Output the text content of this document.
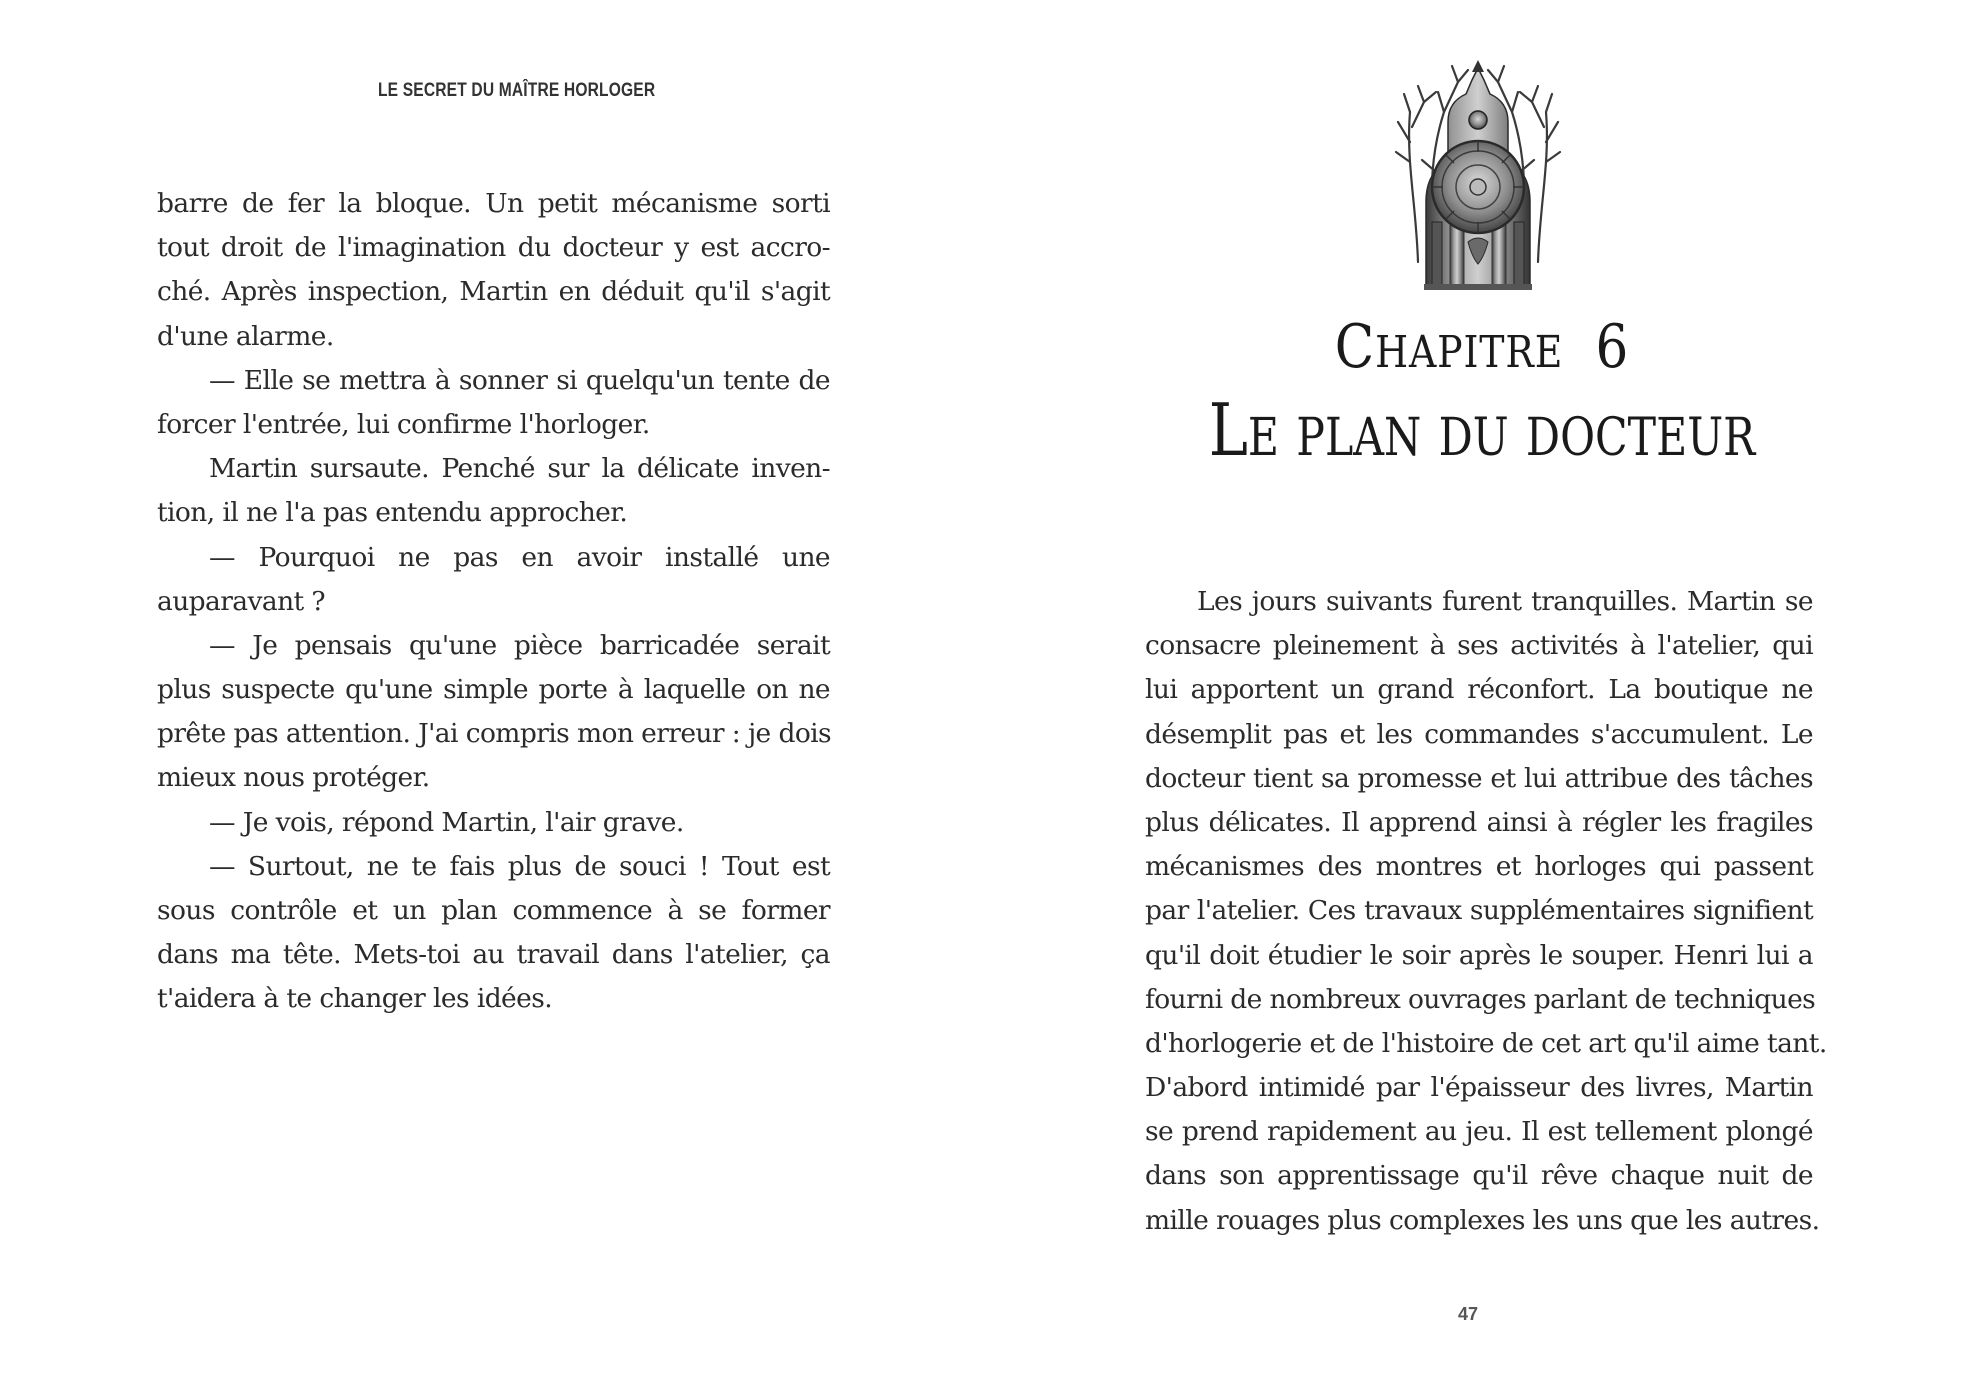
LE SECRET DU MAÎTRE HORLOGER
barre de fer la bloque. Un petit mécanisme sorti
tout droit de l'imagination du docteur y est accro-
ché. Après inspection, Martin en déduit qu'il s'agit
d'une alarme.
— Elle se mettra à sonner si quelqu'un tente de
forcer l'entrée, lui confirme l'horloger.
Martin sursaute. Penché sur la délicate inven-
tion, il ne l'a pas entendu approcher.
— Pourquoi ne pas en avoir installé une
auparavant ?
— Je pensais qu'une pièce barricadée serait
plus suspecte qu'une simple porte à laquelle on ne
prête pas attention. J'ai compris mon erreur : je dois
mieux nous protéger.
— Je vois, répond Martin, l'air grave.
— Surtout, ne te fais plus de souci ! Tout est
sous contrôle et un plan commence à se former
dans ma tête. Mets-toi au travail dans l'atelier, ça
t'aidera à te changer les idées.
CHAPITRE 6
LE PLAN DU DOCTEUR
Les jours suivants furent tranquilles. Martin se
consacre pleinement à ses activités à l'atelier, qui
lui apportent un grand réconfort. La boutique ne
désemplit pas et les commandes s'accumulent. Le
docteur tient sa promesse et lui attribue des tâches
plus délicates. Il apprend ainsi à régler les fragiles
mécanismes des montres et horloges qui passent
par l'atelier. Ces travaux supplémentaires signifient
qu'il doit étudier le soir après le souper. Henri lui a
fourni de nombreux ouvrages parlant de techniques
d'horlogerie et de l'histoire de cet art qu'il aime tant.
D'abord intimidé par l'épaisseur des livres, Martin
se prend rapidement au jeu. Il est tellement plongé
dans son apprentissage qu'il rêve chaque nuit de
mille rouages plus complexes les uns que les autres.
47
